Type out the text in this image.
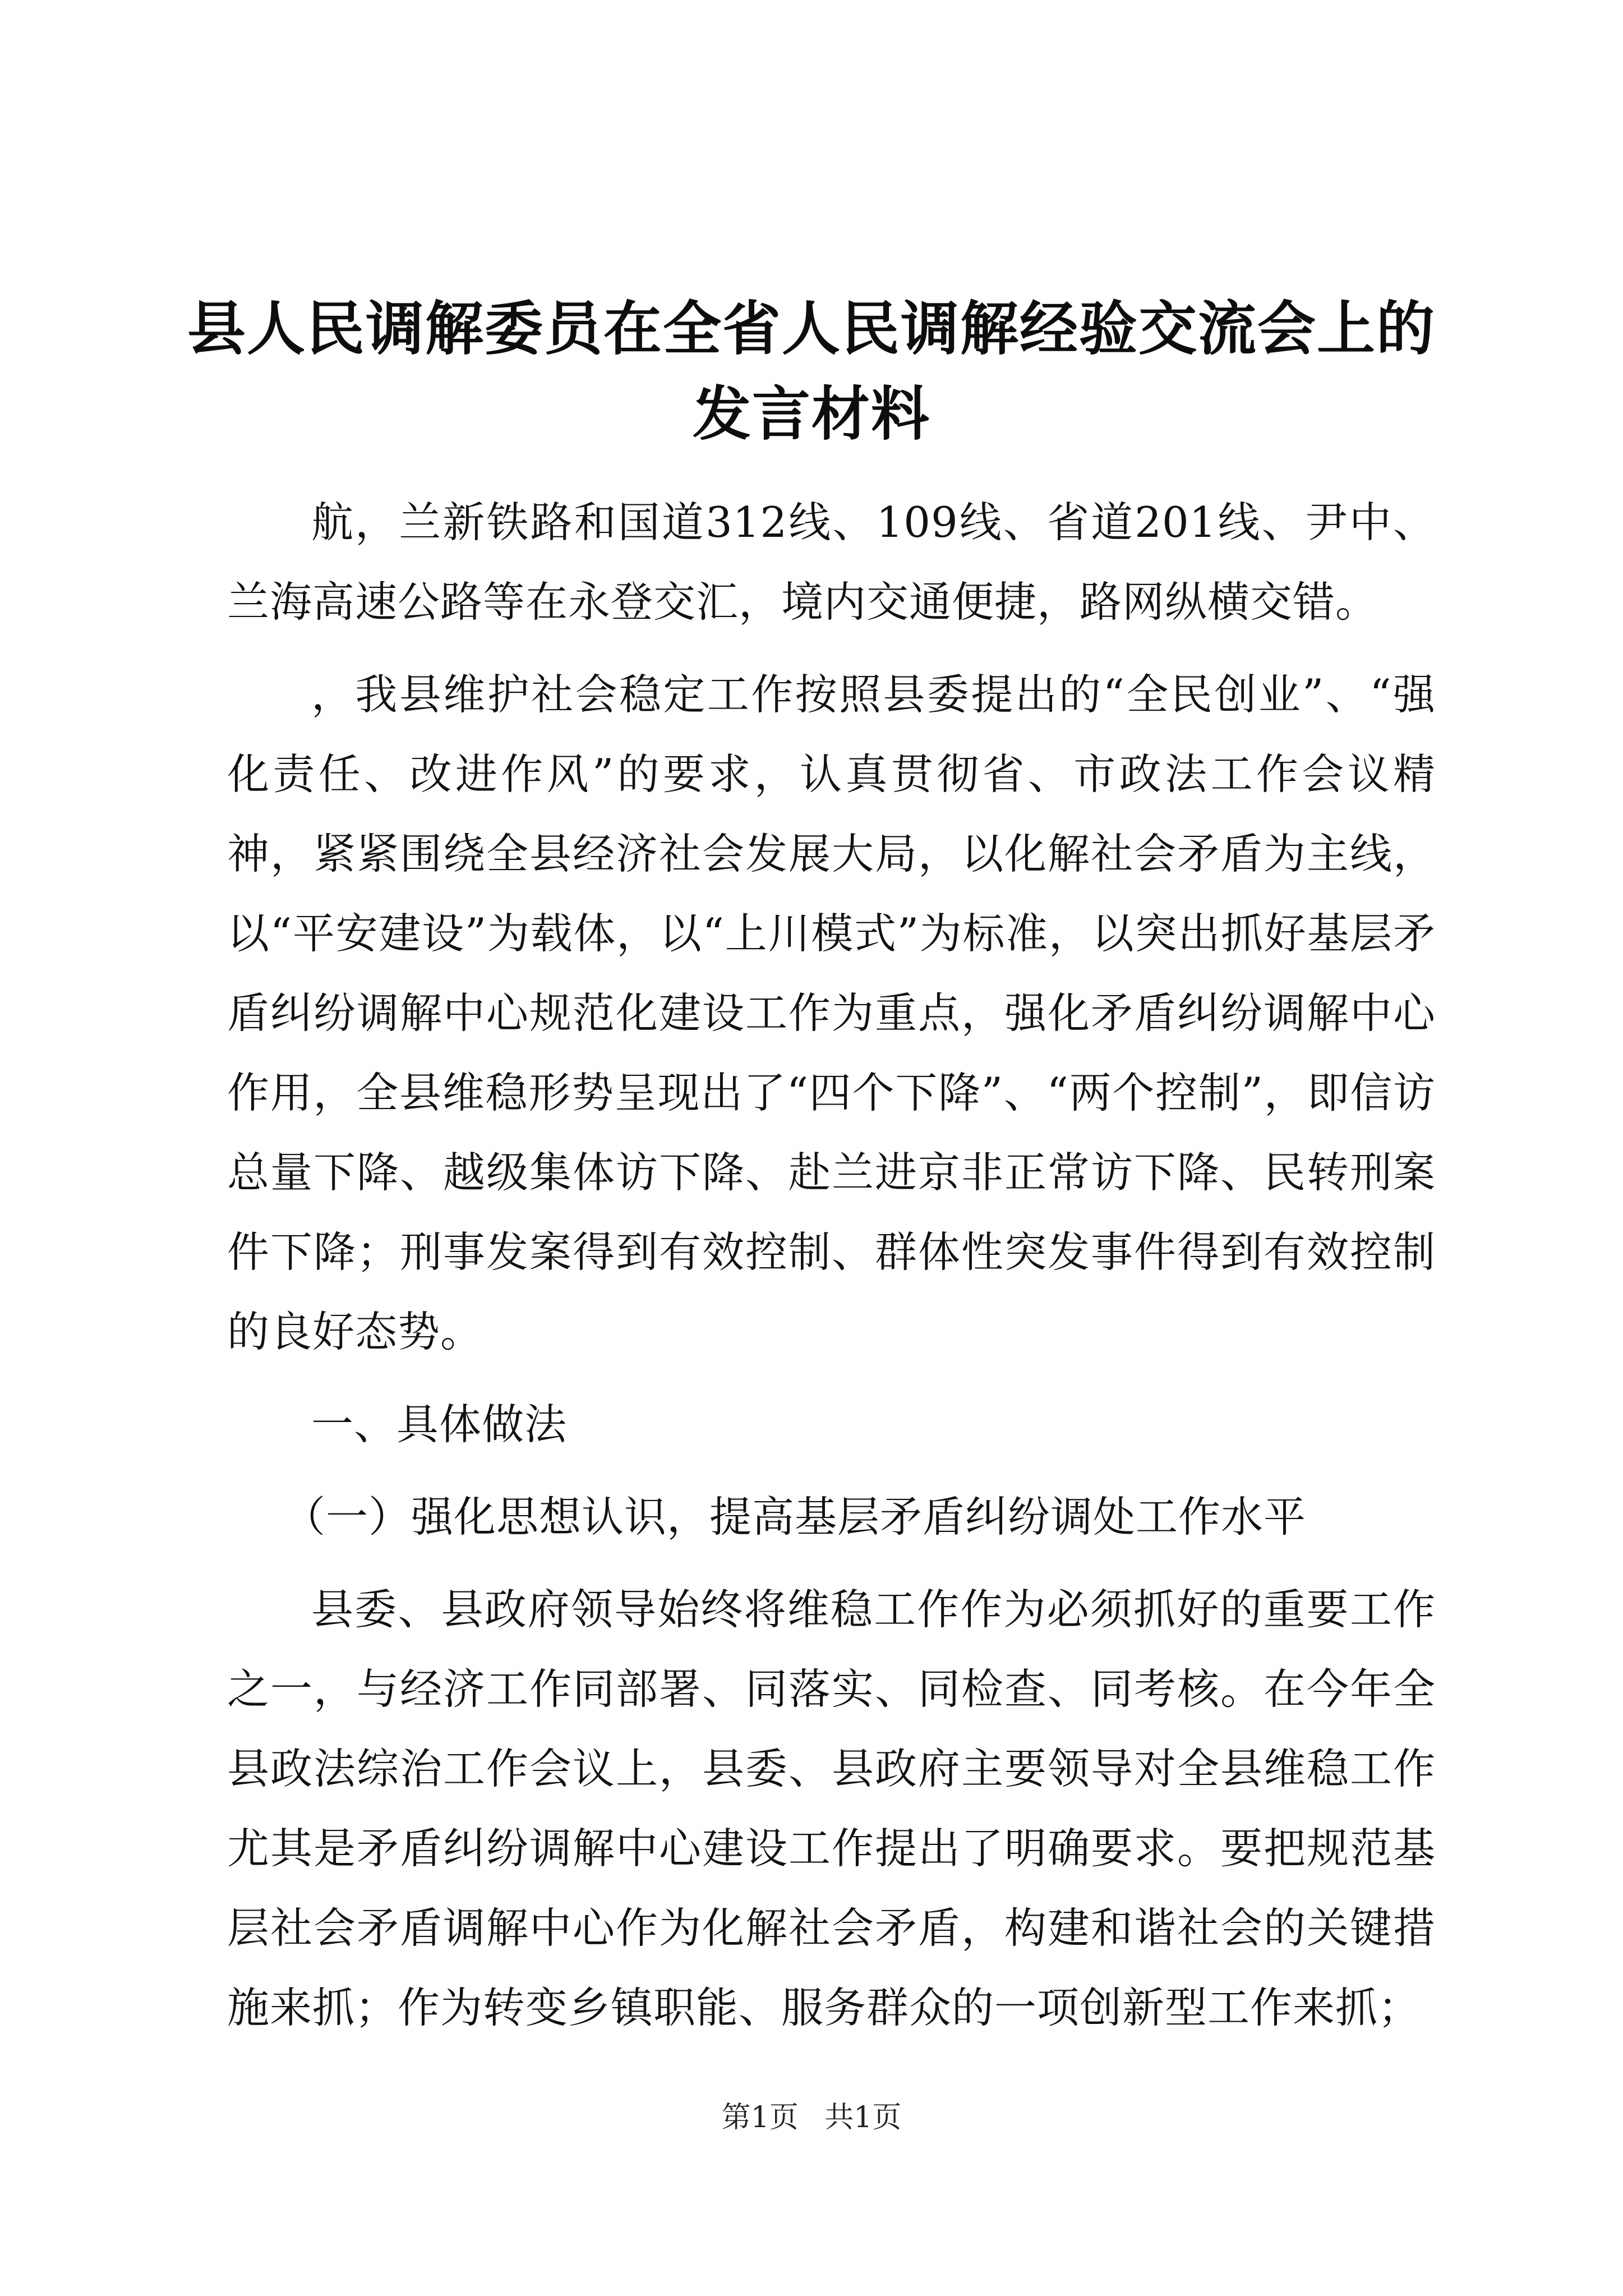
县人民调解委员在全省人民调解经验交流会上的发言材料

航，兰新铁路和国道312线、109线、省道201线、尹中、兰海高速公路等在永登交汇，境内交通便捷，路网纵横交错。

，我县维护社会稳定工作按照县委提出的“全民创业”、“强化责任、改进作风”的要求，认真贯彻省、市政法工作会议精神，紧紧围绕全县经济社会发展大局，以化解社会矛盾为主线，以“平安建设”为载体，以“上川模式”为标准，以突出抓好基层矛盾纠纷调解中心规范化建设工作为重点，强化矛盾纠纷调解中心作用，全县维稳形势呈现出了“四个下降”、“两个控制”，即信访总量下降、越级集体访下降、赴兰进京非正常访下降、民转刑案件下降；刑事发案得到有效控制、群体性突发事件得到有效控制的良好态势。

一、具体做法

（一）强化思想认识，提高基层矛盾纠纷调处工作水平

县委、县政府领导始终将维稳工作作为必须抓好的重要工作之一，与经济工作同部署、同落实、同检查、同考核。在今年全县政法综治工作会议上，县委、县政府主要领导对全县维稳工作尤其是矛盾纠纷调解中心建设工作提出了明确要求。要把规范基层社会矛盾调解中心作为化解社会矛盾，构建和谐社会的关键措施来抓；作为转变乡镇职能、服务群众的一项创新型工作来抓；

第1页 共1页
